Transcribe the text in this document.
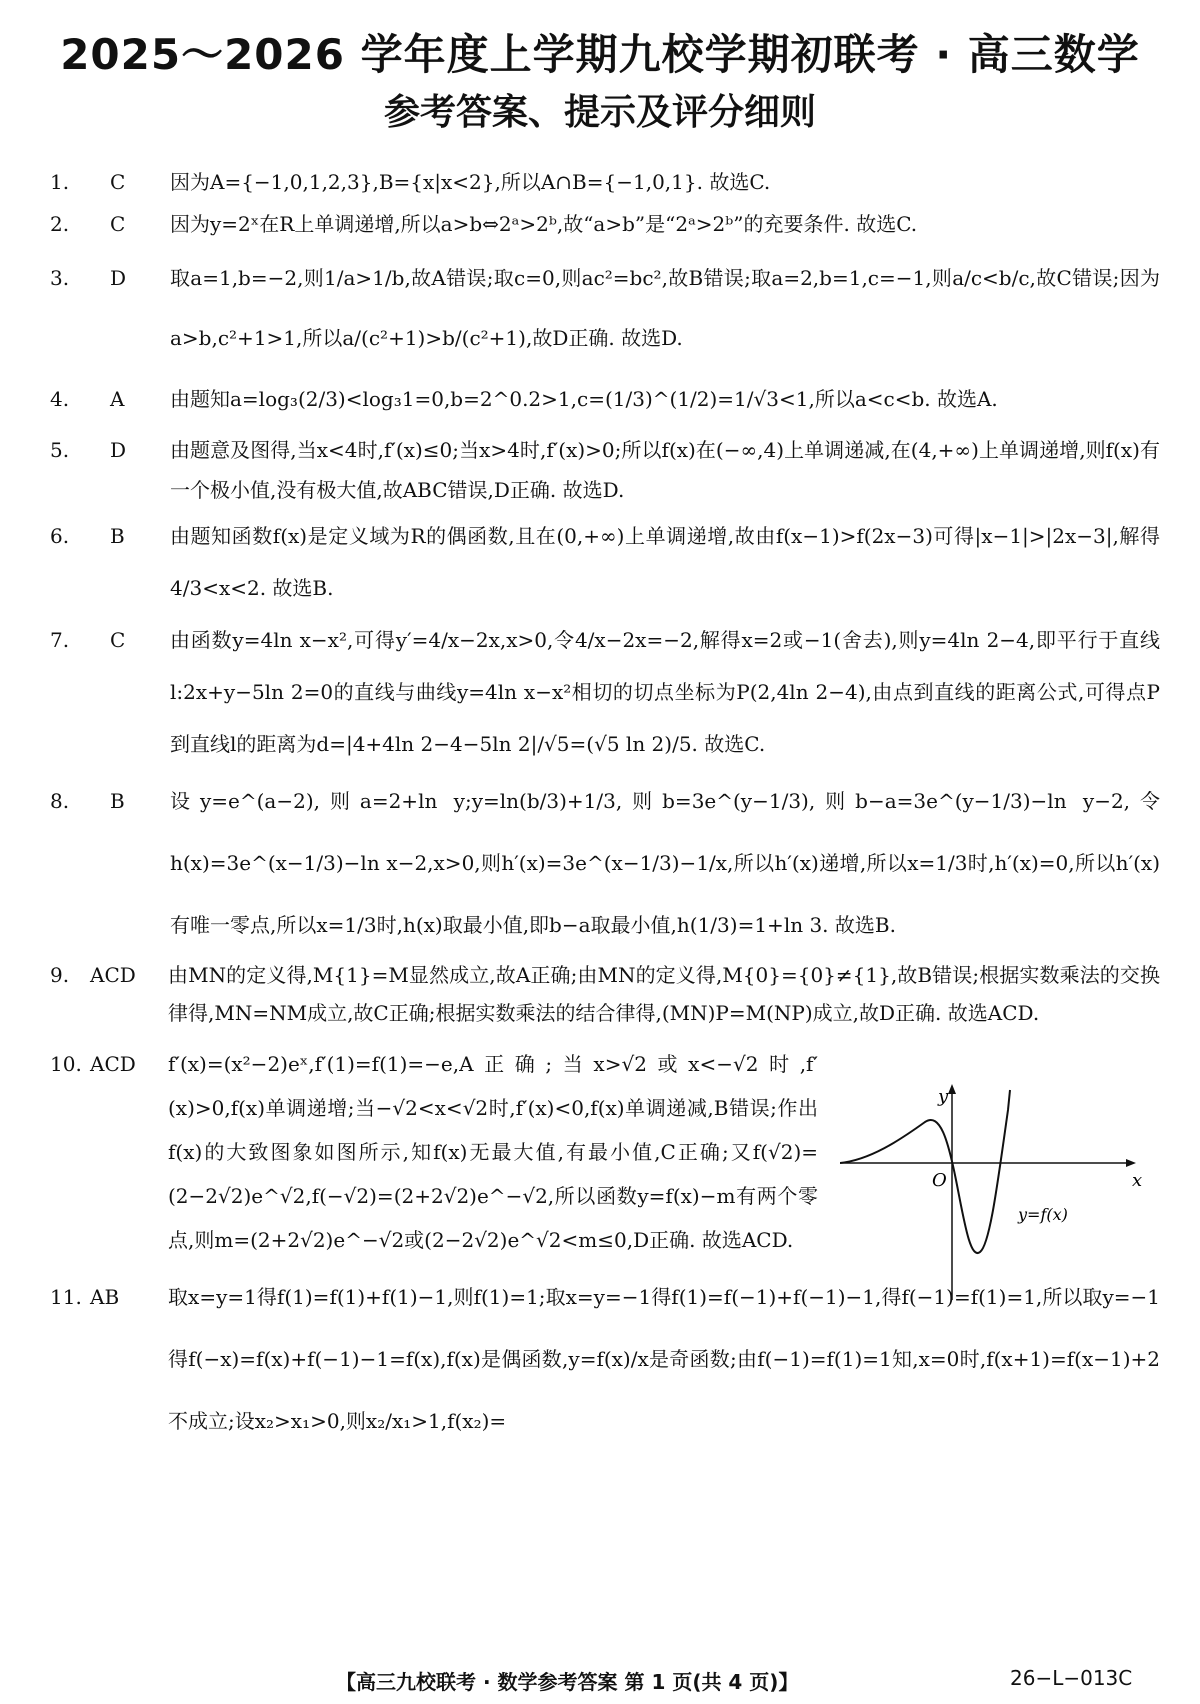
2025～2026 学年度上学期九校学期初联考 · 高三数学
参考答案、提示及评分细则
1.	C	因为A={−1,0,1,2,3},B={x|x<2},所以A∩B={−1,0,1}. 故选C.
2.	C	因为y=2ˣ在R上单调递增,所以a>b⇔2ᵃ>2ᵇ,故“a>b”是“2ᵃ>2ᵇ”的充要条件. 故选C.
3.	D	取a=1,b=−2,则1/a>1/b,故A错误;取c=0,则ac²=bc²,故B错误;取a=2,b=1,c=−1,则a/c<b/c,故C错误;因为a>b,c²+1>1,所以a/(c²+1)>b/(c²+1),故D正确. 故选D.
4.	A	由题知a=log₃(2/3)<log₃1=0,b=2^0.2>1,c=(1/3)^(1/2)=1/√3<1,所以a<c<b. 故选A.
5.	D	由题意及图得,当x<4时,f′(x)≤0;当x>4时,f′(x)>0;所以f(x)在(−∞,4)上单调递减,在(4,+∞)上单调递增,则f(x)有一个极小值,没有极大值,故ABC错误,D正确. 故选D.
6.	B	由题知函数f(x)是定义域为R的偶函数,且在(0,+∞)上单调递增,故由f(x−1)>f(2x−3)可得|x−1|>|2x−3|,解得4/3<x<2. 故选B.
7.	C	由函数y=4ln x−x²,可得y′=4/x−2x,x>0,令4/x−2x=−2,解得x=2或−1(舍去),则y=4ln 2−4,即平行于直线l:2x+y−5ln 2=0的直线与曲线y=4ln x−x²相切的切点坐标为P(2,4ln 2−4),由点到直线的距离公式,可得点P到直线l的距离为d=|4+4ln 2−4−5ln 2|/√5=(√5 ln 2)/5. 故选C.
8.	B	设y=e^(a−2),则a=2+ln y;y=ln(b/3)+1/3,则b=3e^(y−1/3),则b−a=3e^(y−1/3)−ln y−2,令h(x)=3e^(x−1/3)−ln x−2,x>0,则h′(x)=3e^(x−1/3)−1/x,所以h′(x)递增,所以x=1/3时,h′(x)=0,所以h′(x)有唯一零点,所以x=1/3时,h(x)取最小值,即b−a取最小值,h(1/3)=1+ln 3. 故选B.
9.	ACD	由MN的定义得,M{1}=M显然成立,故A正确;由MN的定义得,M{0}={0}≠{1},故B错误;根据实数乘法的交换律得,MN=NM成立,故C正确;根据实数乘法的结合律得,(MN)P=M(NP)成立,故D正确. 故选ACD.
10. ACD	f′(x)=(x²−2)eˣ,f′(1)=f(1)=−e,A正确;当x>√2或x<−√2时,f′(x)>0,f(x)单调递增;当−√2<x<√2时,f′(x)<0,f(x)单调递减,B错误;作出f(x)的大致图象如图所示,知f(x)无最大值,有最小值,C正确;又f(√2)=(2−2√2)e^√2,f(−√2)=(2+2√2)e^−√2,所以函数y=f(x)−m有两个零点,则m=(2+2√2)e^−√2或(2−2√2)e^√2<m≤0,D正确. 故选ACD.
11. AB	取x=y=1得f(1)=f(1)+f(1)−1,则f(1)=1;取x=y=−1得f(1)=f(−1)+f(−1)−1,得f(−1)=f(1)=1,所以取y=−1得f(−x)=f(x)+f(−1)−1=f(x),f(x)是偶函数,y=f(x)/x是奇函数;由f(−1)=f(1)=1知,x=0时,f(x+1)=f(x−1)+2不成立;设x₂>x₁>0,则x₂/x₁>1,f(x₂)=
y
x
O
y=f(x)
【高三九校联考 · 数学参考答案 第 1 页(共 4 页)】	26−L−013C
